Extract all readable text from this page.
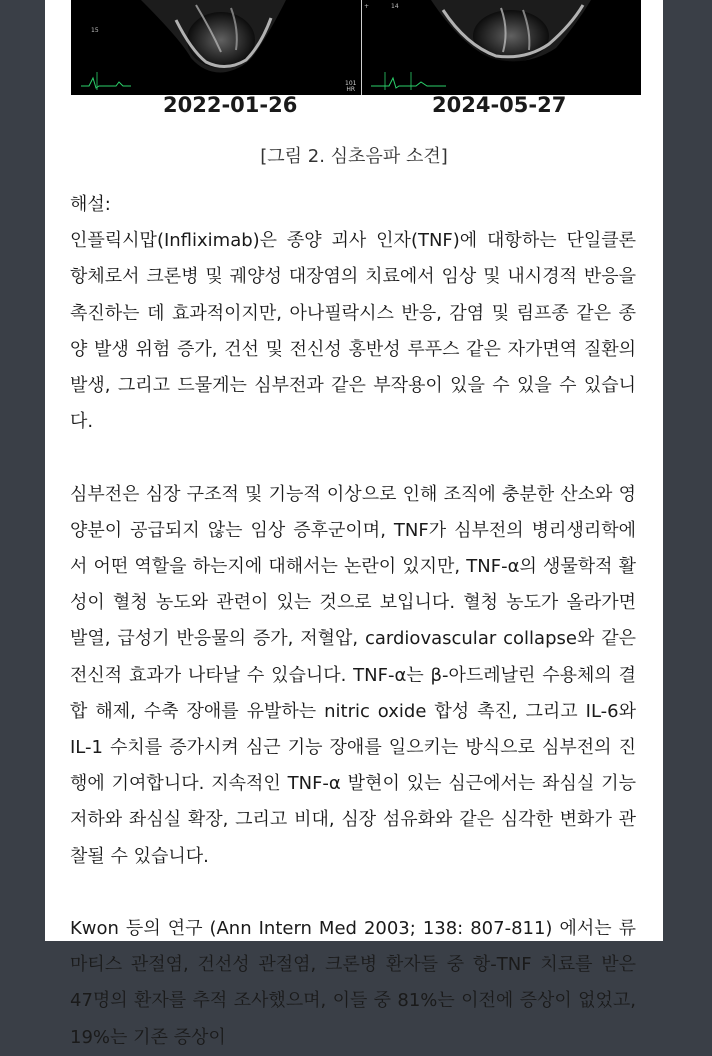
15
+	14
101
HR
2022-01-26	2024-05-27
[그림 2. 심초음파 소견]

해설:

인플릭시맙(Infliximab)은 종양 괴사 인자(TNF)에 대항하는 단일클론 항체로서 크론병 및 궤양성 대장염의 치료에서 임상 및 내시경적 반응을 촉진하는 데 효과적이지만, 아나필락시스 반응, 감염 및 림프종 같은 종양 발생 위험 증가, 건선 및 전신성 홍반성 루푸스 같은 자가면역 질환의 발생, 그리고 드물게는 심부전과 같은 부작용이 있을 수 있을 수 있습니다.

심부전은 심장 구조적 및 기능적 이상으로 인해 조직에 충분한 산소와 영양분이 공급되지 않는 임상 증후군이며, TNF가 심부전의 병리생리학에서 어떤 역할을 하는지에 대해서는 논란이 있지만, TNF-α의 생물학적 활성이 혈청 농도와 관련이 있는 것으로 보입니다. 혈청 농도가 올라가면 발열, 급성기 반응물의 증가, 저혈압, cardiovascular collapse와 같은 전신적 효과가 나타날 수 있습니다. TNF-α는 β-아드레날린 수용체의 결합 해제, 수축 장애를 유발하는 nitric oxide 합성 촉진, 그리고 IL-6와 IL-1 수치를 증가시켜 심근 기능 장애를 일으키는 방식으로 심부전의 진행에 기여합니다. 지속적인 TNF-α 발현이 있는 심근에서는 좌심실 기능 저하와 좌심실 확장, 그리고 비대, 심장 섬유화와 같은 심각한 변화가 관찰될 수 있습니다.

Kwon 등의 연구 (Ann Intern Med 2003; 138: 807-811) 에서는 류마티스 관절염, 건선성 관절염, 크론병 환자들 중 항-TNF 치료를 받은 47명의 환자를 추적 조사했으며, 이들 중 81%는 이전에 증상이 없었고, 19%는 기존 증상이
